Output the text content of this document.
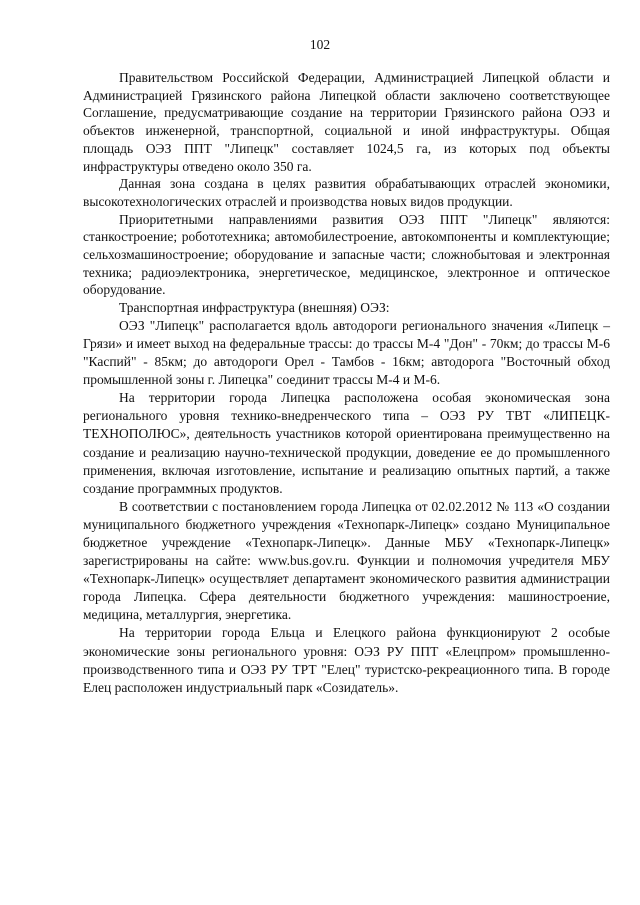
102

Правительством Российской Федерации, Администрацией Липецкой области и Администрацией Грязинского района Липецкой области заключено соответствующее Соглашение, предусматривающие создание на территории Грязинского района ОЭЗ и объектов инженерной, транспортной, социальной и иной инфраструктуры. Общая площадь ОЭЗ ППТ "Липецк" составляет 1024,5 га, из которых под объекты инфраструктуры отведено около 350 га.

Данная зона создана в целях развития обрабатывающих отраслей экономики, высокотехнологических отраслей и производства новых видов продукции.

Приоритетными направлениями развития ОЭЗ ППТ "Липецк" являются: станкостроение; робототехника; автомобилестроение, автокомпоненты и комплектующие; сельхозмашиностроение; оборудование и запасные части; сложнобытовая и электронная техника; радиоэлектроника, энергетическое, медицинское, электронное и оптическое оборудование.

Транспортная инфраструктура (внешняя) ОЭЗ:

ОЭЗ "Липецк" располагается вдоль автодороги регионального значения «Липецк – Грязи» и имеет выход на федеральные трассы: до трассы М-4 "Дон" - 70км; до трассы М-6 "Каспий" - 85км; до автодороги Орел - Тамбов - 16км; автодорога "Восточный обход промышленной зоны г. Липецка" соединит трассы М-4 и М-6.

На территории города Липецка расположена особая экономическая зона регионального уровня технико-внедренческого типа – ОЭЗ РУ ТВТ «ЛИПЕЦК-ТЕХНОПОЛЮС», деятельность участников которой ориентирована преимущественно на создание и реализацию научно-технической продукции, доведение ее до промышленного применения, включая изготовление, испытание и реализацию опытных партий, а также создание программных продуктов.

В соответствии с постановлением города Липецка от 02.02.2012 № 113 «О создании муниципального бюджетного учреждения «Технопарк-Липецк» создано Муниципальное бюджетное учреждение «Технопарк-Липецк». Данные МБУ «Технопарк-Липецк» зарегистрированы на сайте: www.bus.gov.ru. Функции и полномочия учредителя МБУ «Технопарк-Липецк» осуществляет департамент экономического развития администрации города Липецка. Сфера деятельности бюджетного учреждения: машиностроение, медицина, металлургия, энергетика.

На территории города Ельца и Елецкого района функционируют 2 особые экономические зоны регионального уровня: ОЭЗ РУ ППТ «Елецпром» промышленно-производственного типа и ОЭЗ РУ ТРТ "Елец" туристско-рекреационного типа. В городе Елец расположен индустриальный парк «Созидатель».
